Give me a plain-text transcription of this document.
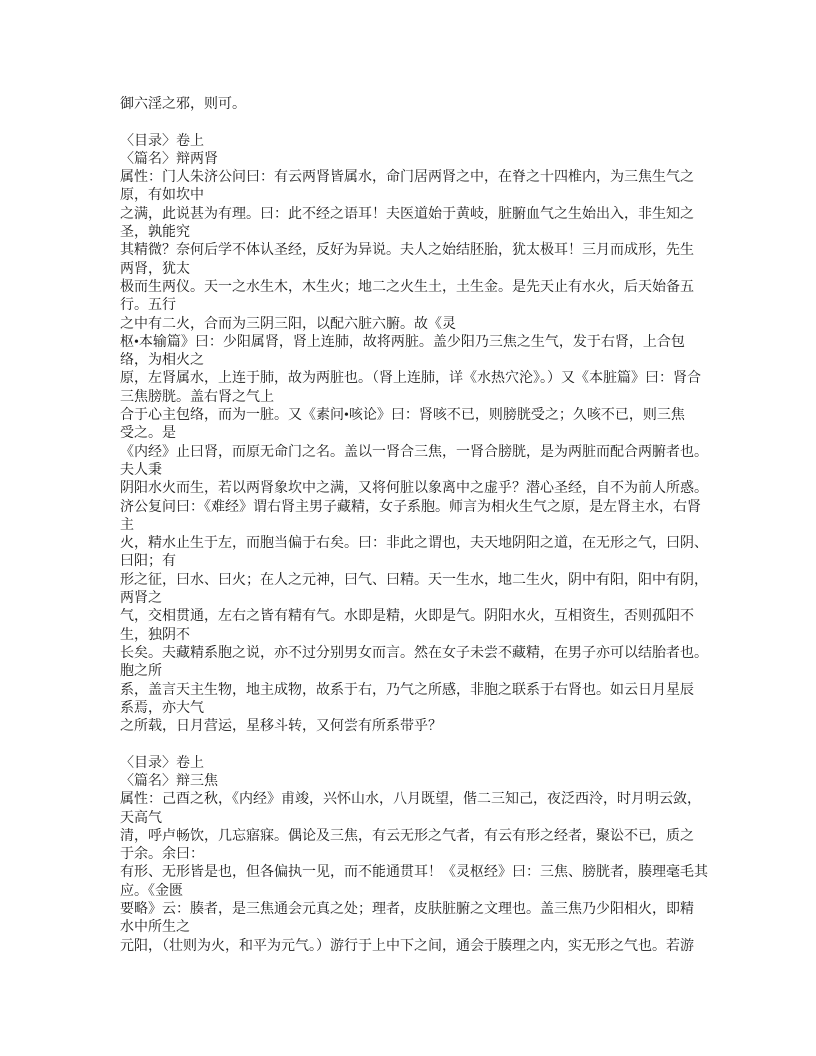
御六淫之邪，则可。
〈目录〉卷上
〈篇名〉辩两肾
属性：门人朱济公问曰：有云两肾皆属水，命门居两肾之中，在脊之十四椎内，为三焦生气之
原，有如坎中
之满，此说甚为有理。曰：此不经之语耳！夫医道始于黄岐，脏腑血气之生始出入，非生知之
圣，孰能究
其精微？奈何后学不体认圣经，反好为异说。夫人之始结胚胎，犹太极耳！三月而成形，先生
两肾，犹太
极而生两仪。天一之水生木，木生火；地二之火生土，土生金。是先天止有水火，后天始备五
行。五行
之中有二火，合而为三阴三阳，以配六脏六腑。故《灵
枢•本输篇》曰：少阳属肾，肾上连肺，故将两脏。盖少阳乃三焦之生气，发于右肾，上合包
络，为相火之
原，左肾属水，上连于肺，故为两脏也。（肾上连肺，详《水热穴沦》。）又《本脏篇》曰：肾合
三焦膀胱。盖右肾之气上
合于心主包络，而为一脏。又《素问•咳论》曰：肾咳不已，则膀胱受之；久咳不已，则三焦
受之。是
《内经》止曰肾，而原无命门之名。盖以一肾合三焦，一肾合膀胱，是为两脏而配合两腑者也。
夫人秉
阴阳水火而生，若以两肾象坎中之满，又将何脏以象离中之虚乎？潜心圣经，自不为前人所惑。
济公复问曰：《难经》谓右肾主男子藏精，女子系胞。师言为相火生气之原，是左肾主水，右肾
主
火，精水止生于左，而胞当偏于右矣。曰：非此之谓也，夫天地阴阳之道，在无形之气，曰阴、
曰阳；有
形之征，曰水、曰火；在人之元神，曰气、曰精。天一生水，地二生火，阴中有阳，阳中有阴，
两肾之
气，交相贯通，左右之皆有精有气。水即是精，火即是气。阴阳水火，互相资生，否则孤阳不
生，独阴不
长矣。夫藏精系胞之说，亦不过分别男女而言。然在女子未尝不藏精，在男子亦可以结胎者也。
胞之所
系，盖言天主生物，地主成物，故系于右，乃气之所感，非胞之联系于右肾也。如云日月星辰
系焉，亦大气
之所载，日月营运，星移斗转，又何尝有所系带乎？
〈目录〉卷上
〈篇名〉辩三焦
属性：己酉之秋，《内经》甫竣，兴怀山水，八月既望，偕二三知己，夜泛西泠，时月明云敛，
天高气
清，呼卢畅饮，几忘寤寐。偶论及三焦，有云无形之气者，有云有形之经者，聚讼不已，质之
于余。余曰：
有形、无形皆是也，但各偏执一见，而不能通贯耳！《灵枢经》曰：三焦、膀胱者，腠理毫毛其
应。《金匮
要略》云：腠者，是三焦通会元真之处；理者，皮肤脏腑之文理也。盖三焦乃少阳相火，即精
水中所生之
元阳，（壮则为火，和平为元气。）游行于上中下之间，通会于腠理之内，实无形之气也。若游
